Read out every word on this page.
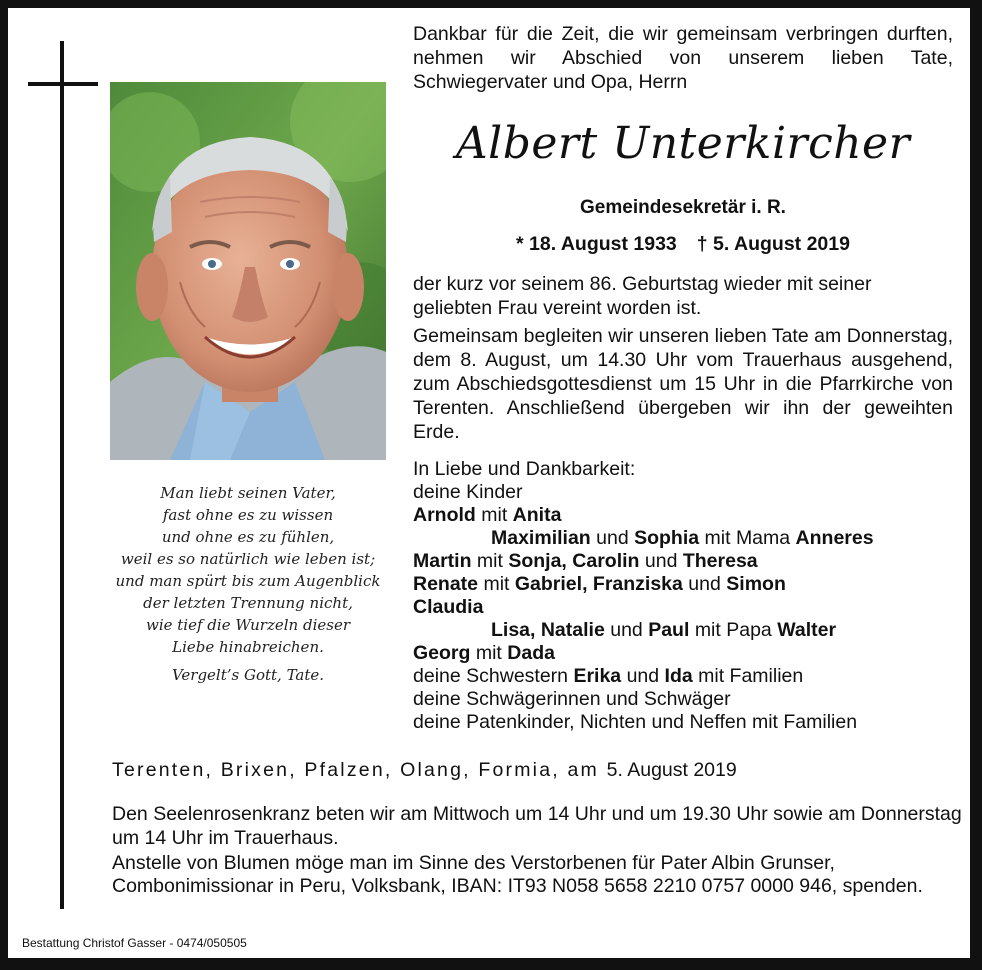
Man liebt seinen Vater,
fast ohne es zu wissen
und ohne es zu fühlen,
weil es so natürlich wie leben ist;
und man spürt bis zum Augenblick
der letzten Trennung nicht,
wie tief die Wurzeln dieser
Liebe hinabreichen.
Vergelt’s Gott, Tate.
Dankbar für die Zeit, die wir gemeinsam verbringen durften, nehmen wir Abschied von unserem lieben Tate, Schwiegervater und Opa, Herrn
Albert Unterkircher
Gemeindesekretär i. R.
* 18. August 1933 † 5. August 2019
der kurz vor seinem 86. Geburtstag wieder mit seiner geliebten Frau vereint worden ist.
Gemeinsam begleiten wir unseren lieben Tate am Donnerstag, dem 8. August, um 14.30 Uhr vom Trauerhaus ausgehend, zum Abschiedsgottesdienst um 15 Uhr in die Pfarrkirche von Terenten. Anschließend übergeben wir ihn der geweihten Erde.
In Liebe und Dankbarkeit:
deine Kinder
Arnold mit Anita
Maximilian und Sophia mit Mama Anneres
Martin mit Sonja, Carolin und Theresa
Renate mit Gabriel, Franziska und Simon
Claudia
Lisa, Natalie und Paul mit Papa Walter
Georg mit Dada
deine Schwestern Erika und Ida mit Familien
deine Schwägerinnen und Schwäger
deine Patenkinder, Nichten und Neffen mit Familien
Terenten, Brixen, Pfalzen, Olang, Formia, am 5. August 2019
Den Seelenrosenkranz beten wir am Mittwoch um 14 Uhr und um 19.30 Uhr sowie am Donnerstag um 14 Uhr im Trauerhaus.
Anstelle von Blumen möge man im Sinne des Verstorbenen für Pater Albin Grunser, Combonimissionar in Peru, Volksbank, IBAN: IT93 N058 5658 2210 0757 0000 946, spenden.
Bestattung Christof Gasser - 0474/050505
